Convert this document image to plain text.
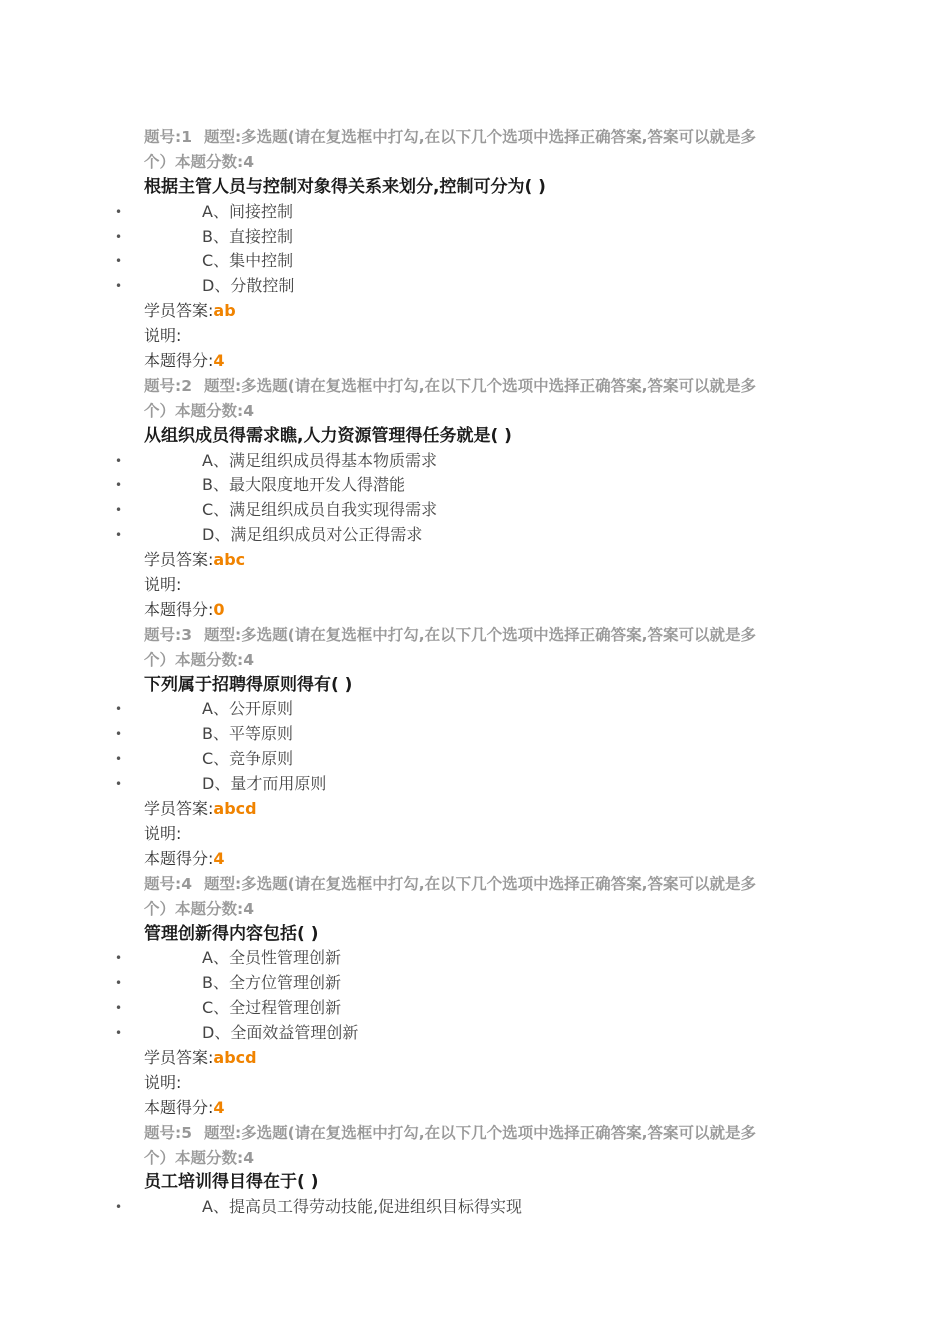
题号:1 题型:多选题(请在复选框中打勾,在以下几个选项中选择正确答案,答案可以就是多
个）本题分数:4
根据主管人员与控制对象得关系来划分,控制可分为( )
•	A、间接控制
•	B、直接控制
•	C、集中控制
•	D、分散控制
学员答案:ab
说明:
本题得分:4
题号:2 题型:多选题(请在复选框中打勾,在以下几个选项中选择正确答案,答案可以就是多
个）本题分数:4
从组织成员得需求瞧,人力资源管理得任务就是( )
•	A、满足组织成员得基本物质需求
•	B、最大限度地开发人得潜能
•	C、满足组织成员自我实现得需求
•	D、满足组织成员对公正得需求
学员答案:abc
说明:
本题得分:0
题号:3 题型:多选题(请在复选框中打勾,在以下几个选项中选择正确答案,答案可以就是多
个）本题分数:4
下列属于招聘得原则得有( )
•	A、公开原则
•	B、平等原则
•	C、竞争原则
•	D、量才而用原则
学员答案:abcd
说明:
本题得分:4
题号:4 题型:多选题(请在复选框中打勾,在以下几个选项中选择正确答案,答案可以就是多
个）本题分数:4
管理创新得内容包括( )
•	A、全员性管理创新
•	B、全方位管理创新
•	C、全过程管理创新
•	D、全面效益管理创新
学员答案:abcd
说明:
本题得分:4
题号:5 题型:多选题(请在复选框中打勾,在以下几个选项中选择正确答案,答案可以就是多
个）本题分数:4
员工培训得目得在于( )
•	A、提高员工得劳动技能,促进组织目标得实现
